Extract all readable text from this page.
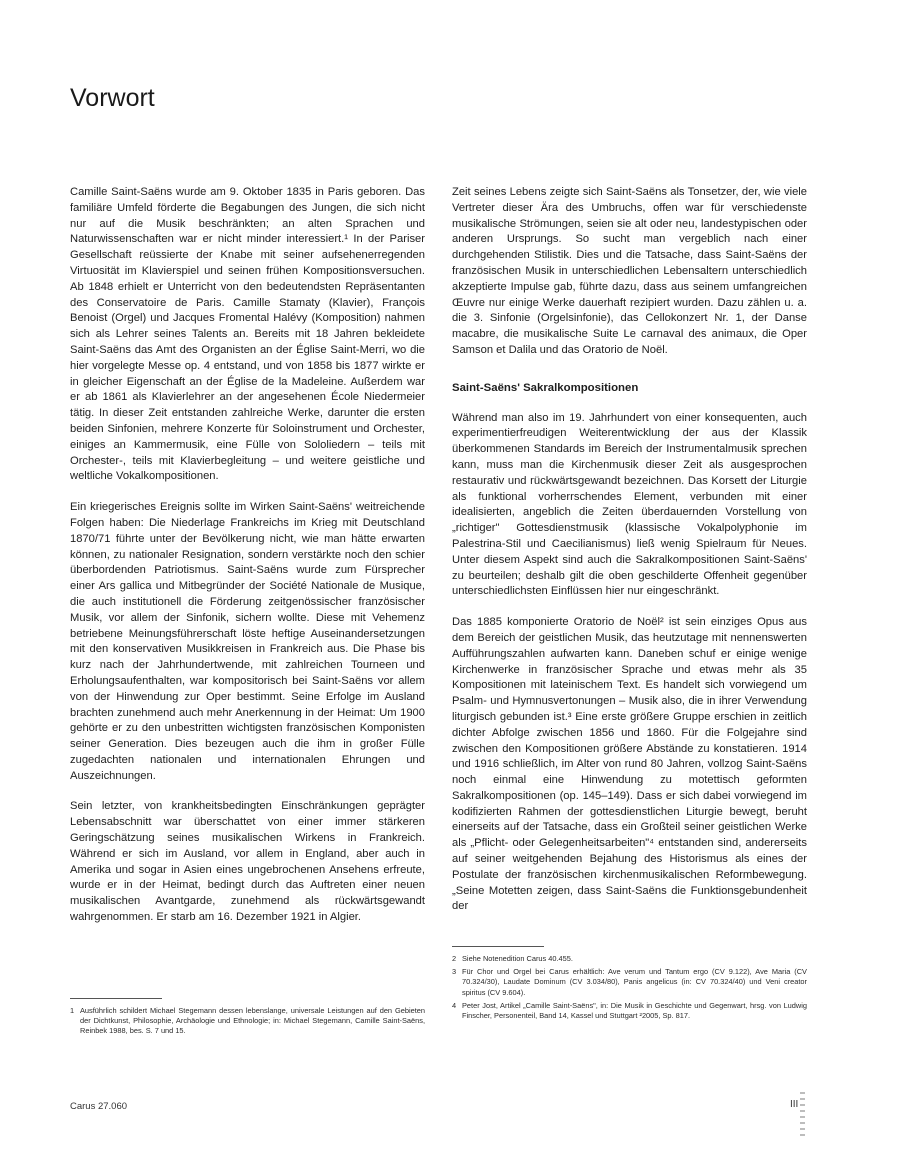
Vorwort

Camille Saint-Saëns wurde am 9. Oktober 1835 in Paris geboren. Das familiäre Umfeld förderte die Begabungen des Jungen, die sich nicht nur auf die Musik beschränkten; an alten Sprachen und Naturwissenschaften war er nicht minder interessiert.¹ In der Pariser Gesellschaft reüssierte der Knabe mit seiner aufsehenerregenden Virtuosität im Klavierspiel und seinen frühen Kompositionsversuchen. Ab 1848 erhielt er Unterricht von den bedeutendsten Repräsentanten des Conservatoire de Paris. Camille Stamaty (Klavier), François Benoist (Orgel) und Jacques Fromental Halévy (Komposition) nahmen sich als Lehrer seines Talents an. Bereits mit 18 Jahren bekleidete Saint-Saëns das Amt des Organisten an der Église Saint-Merri, wo die hier vorgelegte Messe op. 4 entstand, und von 1858 bis 1877 wirkte er in gleicher Eigenschaft an der Église de la Madeleine. Außerdem war er ab 1861 als Klavierlehrer an der angesehenen École Niedermeier tätig. In dieser Zeit entstanden zahlreiche Werke, darunter die ersten beiden Sinfonien, mehrere Konzerte für Soloinstrument und Orchester, einiges an Kammermusik, eine Fülle von Sololiedern – teils mit Orchester-, teils mit Klavierbegleitung – und weitere geistliche und weltliche Vokalkompositionen.

Ein kriegerisches Ereignis sollte im Wirken Saint-Saëns' weitreichende Folgen haben: Die Niederlage Frankreichs im Krieg mit Deutschland 1870/71 führte unter der Bevölkerung nicht, wie man hätte erwarten können, zu nationaler Resignation, sondern verstärkte noch den schier überbordenden Patriotismus. Saint-Saëns wurde zum Fürsprecher einer Ars gallica und Mitbegründer der Société Nationale de Musique, die auch institutionell die Förderung zeitgenössischer französischer Musik, vor allem der Sinfonik, sichern wollte. Diese mit Vehemenz betriebene Meinungsführerschaft löste heftige Auseinandersetzungen mit den konservativen Musikkreisen in Frankreich aus. Die Phase bis kurz nach der Jahrhundertwende, mit zahlreichen Tourneen und Erholungsaufenthalten, war kompositorisch bei Saint-Saëns vor allem von der Hinwendung zur Oper bestimmt. Seine Erfolge im Ausland brachten zunehmend auch mehr Anerkennung in der Heimat: Um 1900 gehörte er zu den unbestritten wichtigsten französischen Komponisten seiner Generation. Dies bezeugen auch die ihm in großer Fülle zugedachten nationalen und internationalen Ehrungen und Auszeichnungen.

Sein letzter, von krankheitsbedingten Einschränkungen geprägter Lebensabschnitt war überschattet von einer immer stärkeren Geringschätzung seines musikalischen Wirkens in Frankreich. Während er sich im Ausland, vor allem in England, aber auch in Amerika und sogar in Asien eines ungebrochenen Ansehens erfreute, wurde er in der Heimat, bedingt durch das Auftreten einer neuen musikalischen Avantgarde, zunehmend als rückwärtsgewandt wahrgenommen. Er starb am 16. Dezember 1921 in Algier.

Zeit seines Lebens zeigte sich Saint-Saëns als Tonsetzer, der, wie viele Vertreter dieser Ära des Umbruchs, offen war für verschiedenste musikalische Strömungen, seien sie alt oder neu, landestypischen oder anderen Ursprungs. So sucht man vergeblich nach einer durchgehenden Stilistik. Dies und die Tatsache, dass Saint-Saëns der französischen Musik in unterschiedlichen Lebensaltern unterschiedlich akzeptierte Impulse gab, führte dazu, dass aus seinem umfangreichen Œuvre nur einige Werke dauerhaft rezipiert wurden. Dazu zählen u. a. die 3. Sinfonie (Orgelsinfonie), das Cellokonzert Nr. 1, der Danse macabre, die musikalische Suite Le carnaval des animaux, die Oper Samson et Dalila und das Oratorio de Noël.

Saint-Saëns' Sakralkompositionen

Während man also im 19. Jahrhundert von einer konsequenten, auch experimentierfreudigen Weiterentwicklung der aus der Klassik überkommenen Standards im Bereich der Instrumentalmusik sprechen kann, muss man die Kirchenmusik dieser Zeit als ausgesprochen restaurativ und rückwärtsgewandt bezeichnen. Das Korsett der Liturgie als funktional vorherrschendes Element, verbunden mit einer idealisierten, angeblich die Zeiten überdauernden Vorstellung von „richtiger" Gottesdienstmusik (klassische Vokalpolyphonie im Palestrina-Stil und Caecilianismus) ließ wenig Spielraum für Neues. Unter diesem Aspekt sind auch die Sakralkompositionen Saint-Saëns' zu beurteilen; deshalb gilt die oben geschilderte Offenheit gegenüber unterschiedlichsten Einflüssen hier nur eingeschränkt.

Das 1885 komponierte Oratorio de Noël² ist sein einziges Opus aus dem Bereich der geistlichen Musik, das heutzutage mit nennenswerten Aufführungszahlen aufwarten kann. Daneben schuf er einige wenige Kirchenwerke in französischer Sprache und etwas mehr als 35 Kompositionen mit lateinischem Text. Es handelt sich vorwiegend um Psalm- und Hymnusvertonungen – Musik also, die in ihrer Verwendung liturgisch gebunden ist.³ Eine erste größere Gruppe erschien in zeitlich dichter Abfolge zwischen 1856 und 1860. Für die Folgejahre sind zwischen den Kompositionen größere Abstände zu konstatieren. 1914 und 1916 schließlich, im Alter von rund 80 Jahren, vollzog Saint-Saëns noch einmal eine Hinwendung zu motettisch geformten Sakralkompositionen (op. 145–149). Dass er sich dabei vorwiegend im kodifizierten Rahmen der gottesdienstlichen Liturgie bewegt, beruht einerseits auf der Tatsache, dass ein Großteil seiner geistlichen Werke als „Pflicht- oder Gelegenheitsarbeiten"⁴ entstanden sind, andererseits auf seiner weitgehenden Bejahung des Historismus als eines der Postulate der französischen kirchenmusikalischen Reformbewegung. „Seine Motetten zeigen, dass Saint-Saëns die Funktionsgebundenheit der

1 Ausführlich schildert Michael Stegemann dessen lebenslange, universale Leistungen auf den Gebieten der Dichtkunst, Philosophie, Archäologie und Ethnologie; in: Michael Stegemann, Camille Saint-Saëns, Reinbek 1988, bes. S. 7 und 15.
2 Siehe Notenedition Carus 40.455.
3 Für Chor und Orgel bei Carus erhältlich: Ave verum und Tantum ergo (CV 9.122), Ave Maria (CV 70.324/30), Laudate Dominum (CV 3.034/80), Panis angelicus (in: CV 70.324/40) und Veni creator spiritus (CV 9.604).
4 Peter Jost, Artikel „Camille Saint-Saëns", in: Die Musik in Geschichte und Gegenwart, hrsg. von Ludwig Finscher, Personenteil, Band 14, Kassel und Stuttgart ²2005, Sp. 817.
Carus 27.060	III
